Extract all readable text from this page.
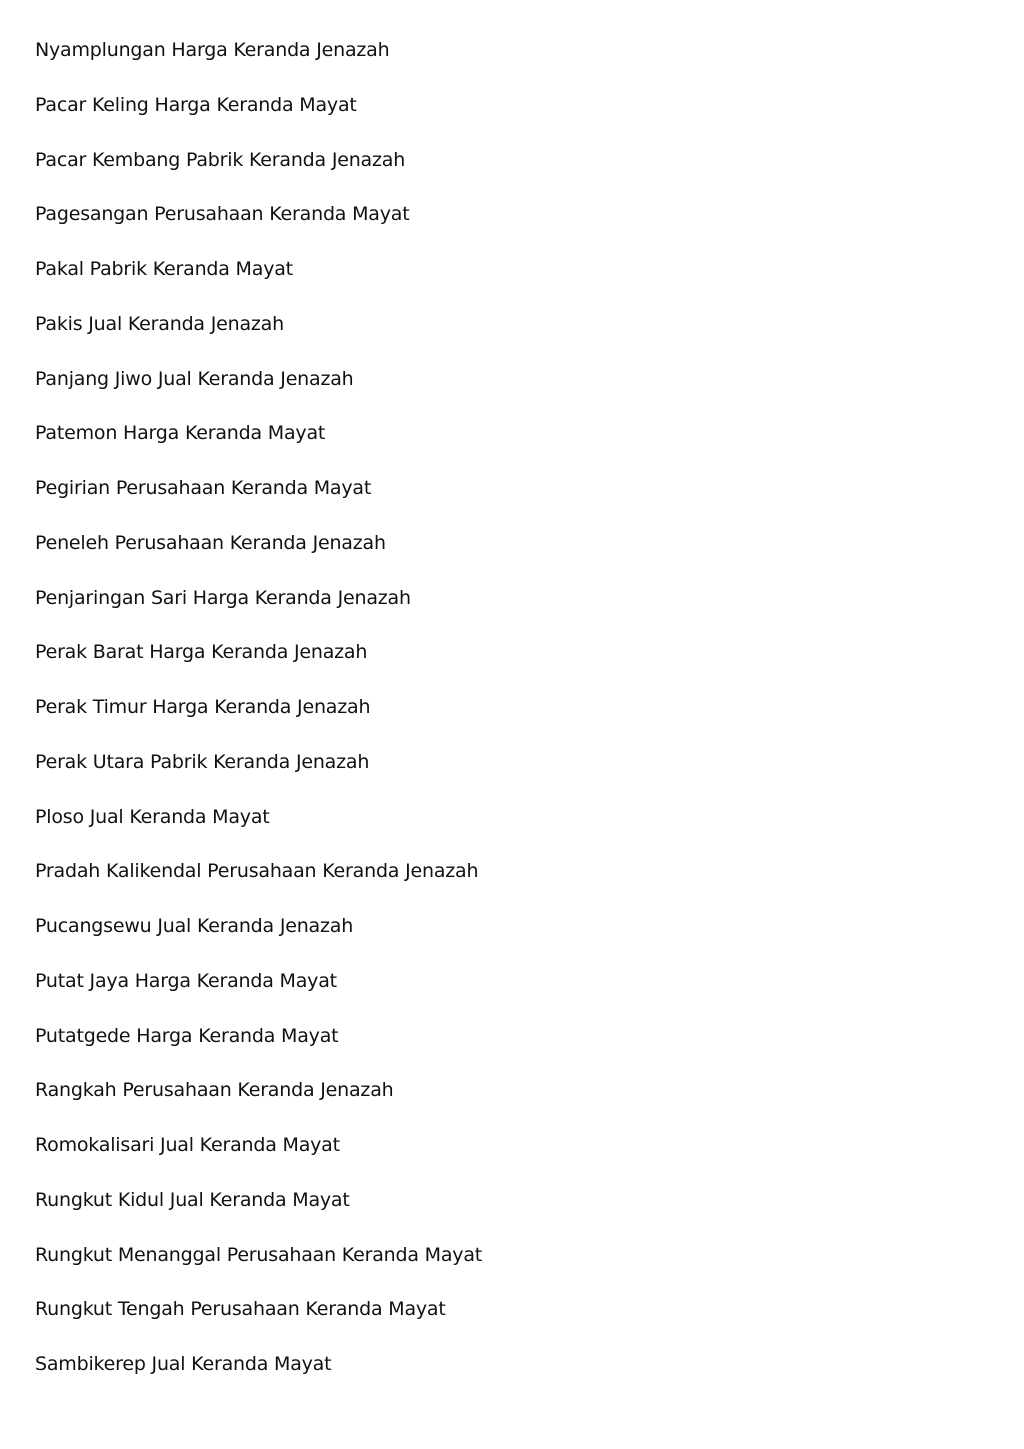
Nyamplungan Harga Keranda Jenazah
Pacar Keling Harga Keranda Mayat
Pacar Kembang Pabrik Keranda Jenazah
Pagesangan Perusahaan Keranda Mayat
Pakal Pabrik Keranda Mayat
Pakis Jual Keranda Jenazah
Panjang Jiwo Jual Keranda Jenazah
Patemon Harga Keranda Mayat
Pegirian Perusahaan Keranda Mayat
Peneleh Perusahaan Keranda Jenazah
Penjaringan Sari Harga Keranda Jenazah
Perak Barat Harga Keranda Jenazah
Perak Timur Harga Keranda Jenazah
Perak Utara Pabrik Keranda Jenazah
Ploso Jual Keranda Mayat
Pradah Kalikendal Perusahaan Keranda Jenazah
Pucangsewu Jual Keranda Jenazah
Putat Jaya Harga Keranda Mayat
Putatgede Harga Keranda Mayat
Rangkah Perusahaan Keranda Jenazah
Romokalisari Jual Keranda Mayat
Rungkut Kidul Jual Keranda Mayat
Rungkut Menanggal Perusahaan Keranda Mayat
Rungkut Tengah Perusahaan Keranda Mayat
Sambikerep Jual Keranda Mayat
